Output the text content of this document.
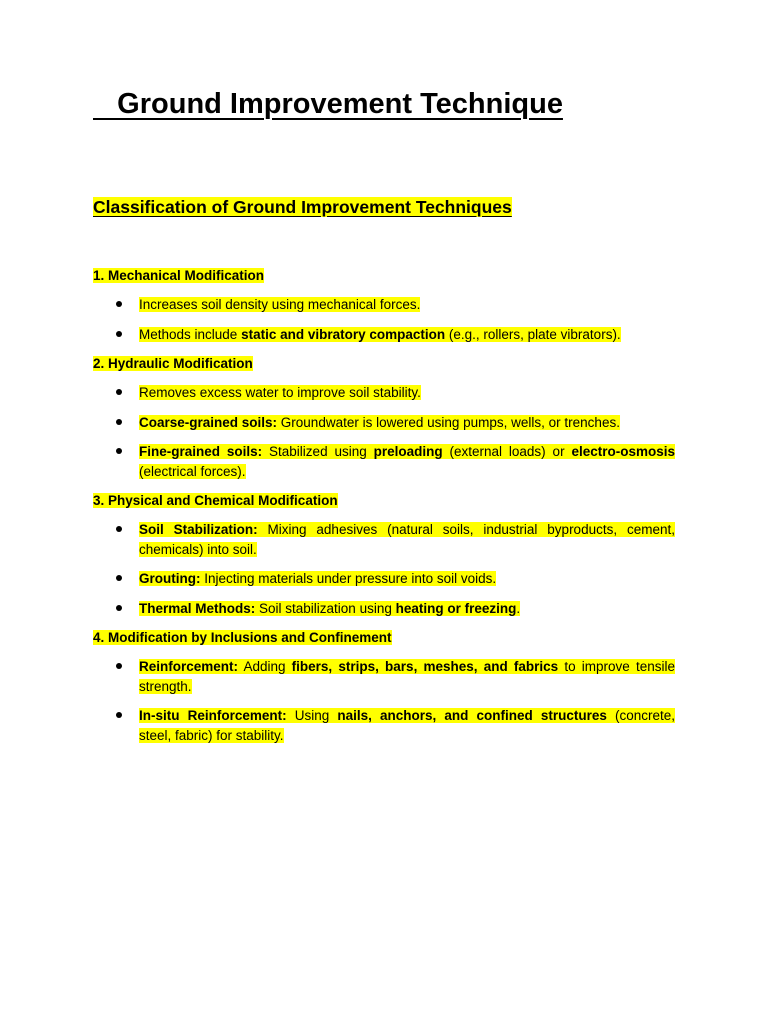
Ground Improvement Technique
Classification of Ground Improvement Techniques
1. Mechanical Modification
Increases soil density using mechanical forces.
Methods include static and vibratory compaction (e.g., rollers, plate vibrators).
2. Hydraulic Modification
Removes excess water to improve soil stability.
Coarse-grained soils: Groundwater is lowered using pumps, wells, or trenches.
Fine-grained soils: Stabilized using preloading (external loads) or electro-osmosis (electrical forces).
3. Physical and Chemical Modification
Soil Stabilization: Mixing adhesives (natural soils, industrial byproducts, cement, chemicals) into soil.
Grouting: Injecting materials under pressure into soil voids.
Thermal Methods: Soil stabilization using heating or freezing.
4. Modification by Inclusions and Confinement
Reinforcement: Adding fibers, strips, bars, meshes, and fabrics to improve tensile strength.
In-situ Reinforcement: Using nails, anchors, and confined structures (concrete, steel, fabric) for stability.
